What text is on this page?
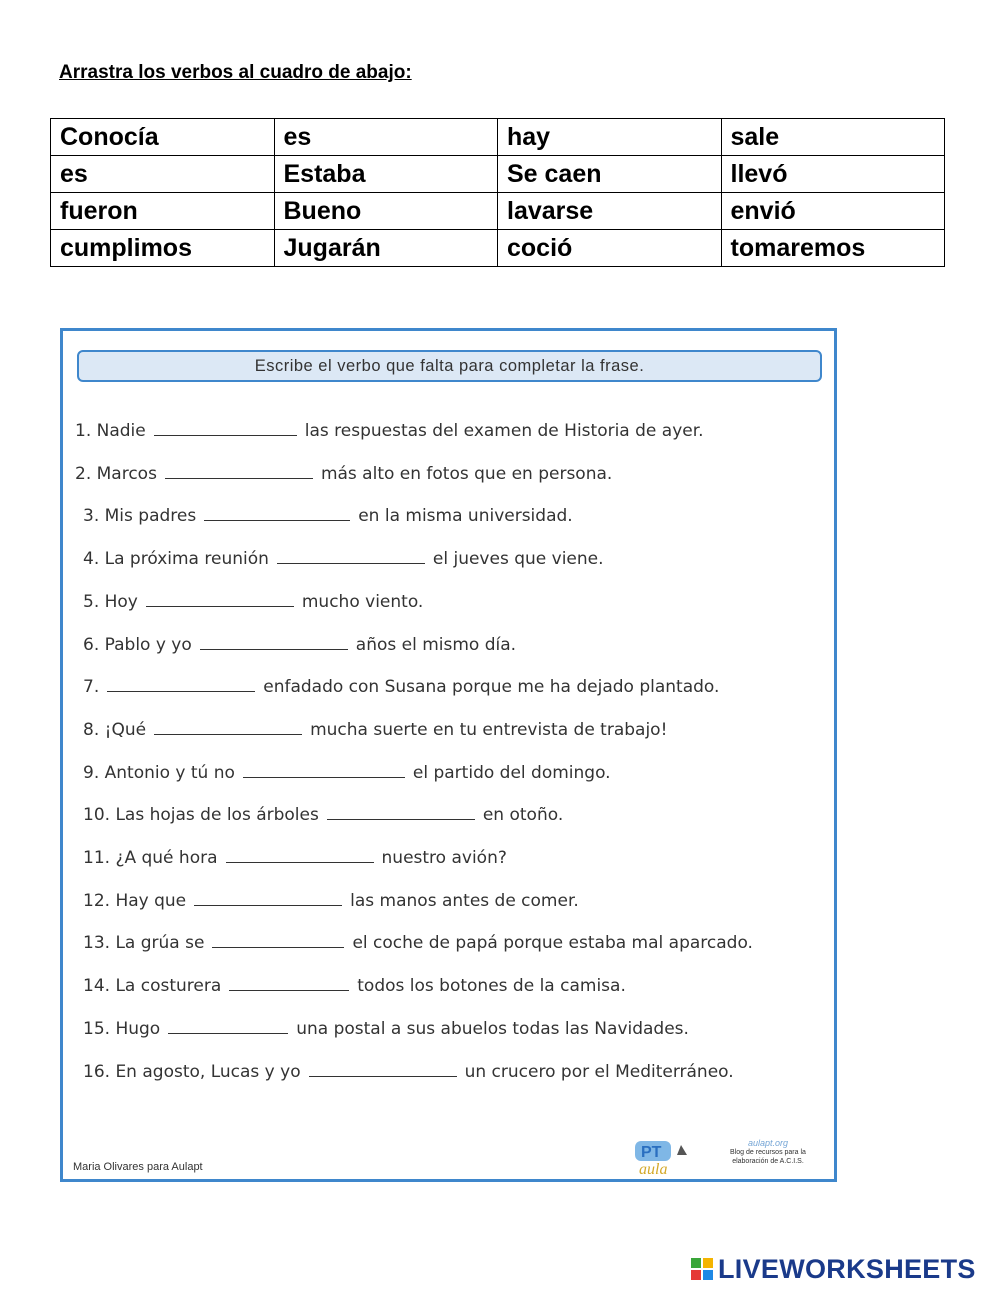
Arrastra los verbos al cuadro de abajo:
Conocía	es	hay	sale
es	Estaba	Se caen	llevó
fueron	Bueno	lavarse	envió
cumplimos	Jugarán	coció	tomaremos
Escribe el verbo que falta para completar la frase.
1. Nadie	las respuestas del examen de Historia de ayer.
2. Marcos	más alto en fotos que en persona.
3. Mis padres	en la misma universidad.
4. La próxima reunión	el jueves que viene.
5. Hoy	mucho viento.
6. Pablo y yo	años el mismo día.
7.	enfadado con Susana porque me ha dejado plantado.
8. ¡Qué	mucha suerte en tu entrevista de trabajo!
9. Antonio y tú no	el partido del domingo.
10. Las hojas de los árboles	en otoño.
11. ¿A qué hora	nuestro avión?
12. Hay que	las manos antes de comer.
13. La grúa se	el coche de papá porque estaba mal aparcado.
14. La costurera	todos los botones de la camisa.
15. Hugo	una postal a sus abuelos todas las Navidades.
16. En agosto, Lucas y yo	un crucero por el Mediterráneo.
Maria Olivares para Aulapt
PT
aula
aulapt.org
Blog de recursos para la elaboración de A.C.I.S.
LIVEWORKSHEETS
